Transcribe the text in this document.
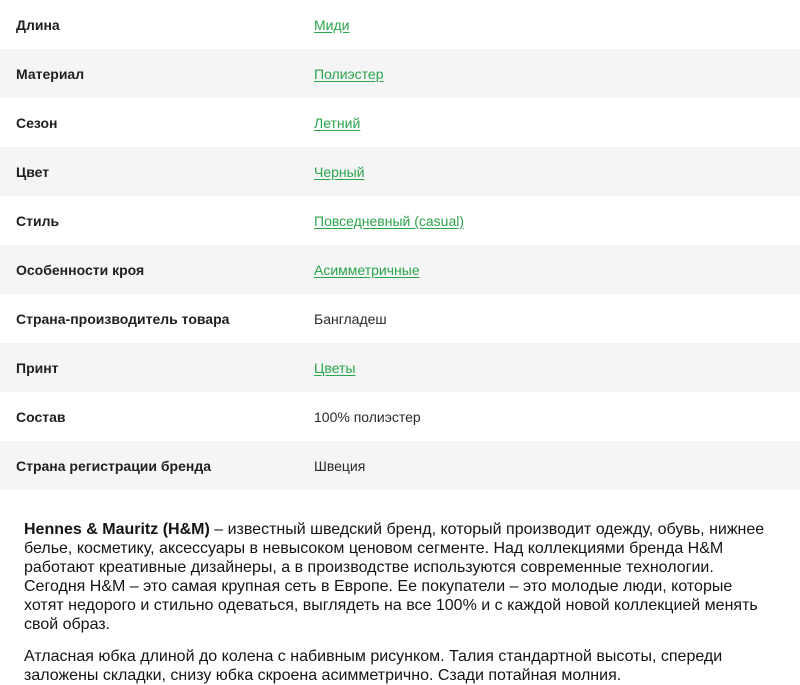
Длина	Миди
Материал	Полиэстер
Сезон	Летний
Цвет	Черный
Стиль	Повседневный (casual)
Особенности кроя	Асимметричные
Страна-производитель товара	Бангладеш
Принт	Цветы
Состав	100% полиэстер
Страна регистрации бренда	Швеция

Hennes & Mauritz (H&M) – известный шведский бренд, который производит одежду, обувь, нижнее белье, косметику, аксессуары в невысоком ценовом сегменте. Над коллекциями бренда H&M работают креативные дизайнеры, а в производстве используются современные технологии. Сегодня H&M – это самая крупная сеть в Европе. Ее покупатели – это молодые люди, которые хотят недорого и стильно одеваться, выглядеть на все 100% и с каждой новой коллекцией менять свой образ.

Атласная юбка длиной до колена с набивным рисунком. Талия стандартной высоты, спереди заложены складки, снизу юбка скроена асимметрично. Сзади потайная молния.
